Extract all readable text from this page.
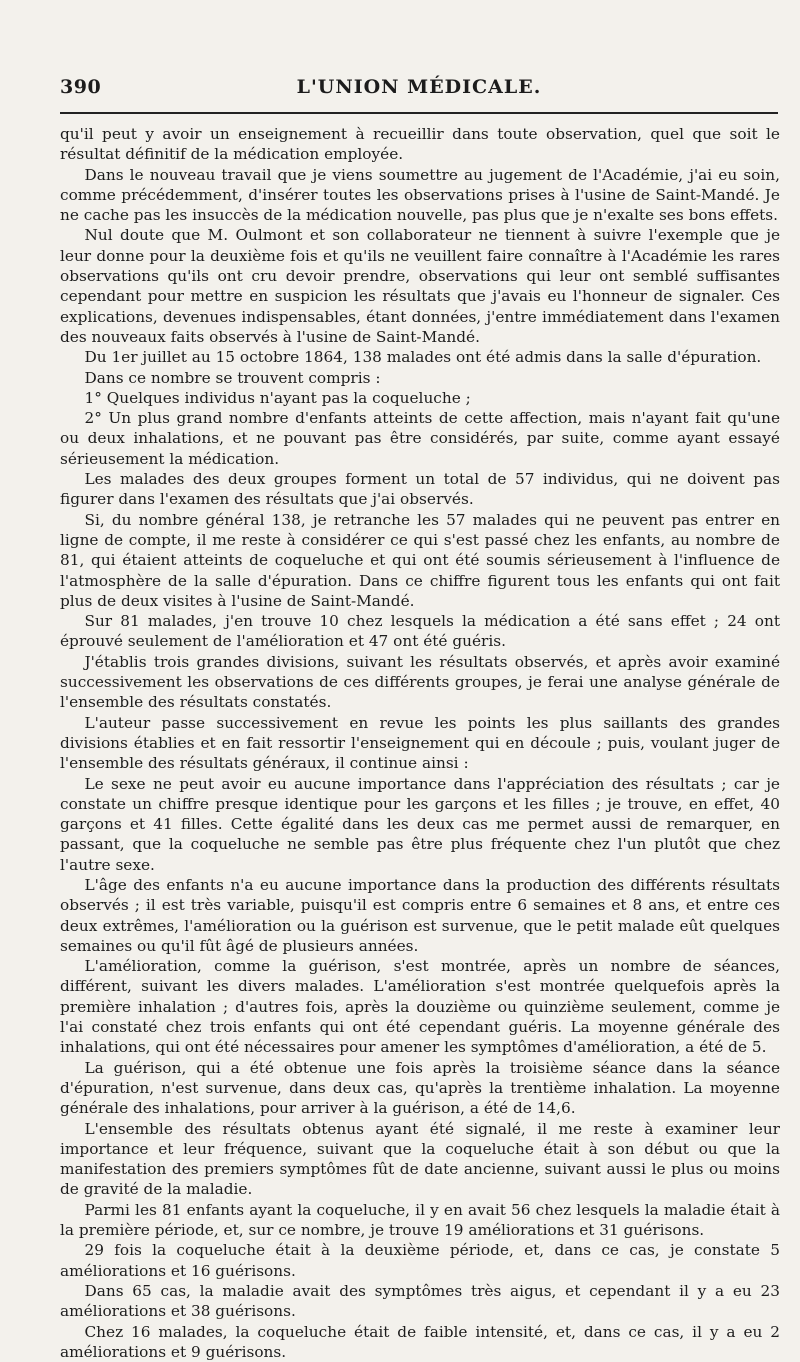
390	L'UNION MÉDICALE.

qu'il peut y avoir un enseignement à recueillir dans toute observation, quel que soit le résultat définitif de la médication employée.

Dans le nouveau travail que je viens soumettre au jugement de l'Académie, j'ai eu soin, comme précédemment, d'insérer toutes les observations prises à l'usine de Saint-Mandé. Je ne cache pas les insuccès de la médication nouvelle, pas plus que je n'exalte ses bons effets.

Nul doute que M. Oulmont et son collaborateur ne tiennent à suivre l'exemple que je leur donne pour la deuxième fois et qu'ils ne veuillent faire connaître à l'Académie les rares observations qu'ils ont cru devoir prendre, observations qui leur ont semblé suffisantes cependant pour mettre en suspicion les résultats que j'avais eu l'honneur de signaler. Ces explications, devenues indispensables, étant données, j'entre immédiatement dans l'examen des nouveaux faits observés à l'usine de Saint-Mandé.

Du 1er juillet au 15 octobre 1864, 138 malades ont été admis dans la salle d'épuration.

Dans ce nombre se trouvent compris :

1° Quelques individus n'ayant pas la coqueluche ;

2° Un plus grand nombre d'enfants atteints de cette affection, mais n'ayant fait qu'une ou deux inhalations, et ne pouvant pas être considérés, par suite, comme ayant essayé sérieusement la médication.

Les malades des deux groupes forment un total de 57 individus, qui ne doivent pas figurer dans l'examen des résultats que j'ai observés.

Si, du nombre général 138, je retranche les 57 malades qui ne peuvent pas entrer en ligne de compte, il me reste à considérer ce qui s'est passé chez les enfants, au nombre de 81, qui étaient atteints de coqueluche et qui ont été soumis sérieusement à l'influence de l'atmosphère de la salle d'épuration. Dans ce chiffre figurent tous les enfants qui ont fait plus de deux visites à l'usine de Saint-Mandé.

Sur 81 malades, j'en trouve 10 chez lesquels la médication a été sans effet ; 24 ont éprouvé seulement de l'amélioration et 47 ont été guéris.

J'établis trois grandes divisions, suivant les résultats observés, et après avoir examiné successivement les observations de ces différents groupes, je ferai une analyse générale de l'ensemble des résultats constatés.

L'auteur passe successivement en revue les points les plus saillants des grandes divisions établies et en fait ressortir l'enseignement qui en découle ; puis, voulant juger de l'ensemble des résultats généraux, il continue ainsi :

Le sexe ne peut avoir eu aucune importance dans l'appréciation des résultats ; car je constate un chiffre presque identique pour les garçons et les filles ; je trouve, en effet, 40 garçons et 41 filles. Cette égalité dans les deux cas me permet aussi de remarquer, en passant, que la coqueluche ne semble pas être plus fréquente chez l'un plutôt que chez l'autre sexe.

L'âge des enfants n'a eu aucune importance dans la production des différents résultats observés ; il est très variable, puisqu'il est compris entre 6 semaines et 8 ans, et entre ces deux extrêmes, l'amélioration ou la guérison est survenue, que le petit malade eût quelques semaines ou qu'il fût âgé de plusieurs années.

L'amélioration, comme la guérison, s'est montrée, après un nombre de séances, différent, suivant les divers malades. L'amélioration s'est montrée quelquefois après la première inhalation ; d'autres fois, après la douzième ou quinzième seulement, comme je l'ai constaté chez trois enfants qui ont été cependant guéris. La moyenne générale des inhalations, qui ont été nécessaires pour amener les symptômes d'amélioration, a été de 5.

La guérison, qui a été obtenue une fois après la troisième séance dans la séance d'épuration, n'est survenue, dans deux cas, qu'après la trentième inhalation. La moyenne générale des inhalations, pour arriver à la guérison, a été de 14,6.

L'ensemble des résultats obtenus ayant été signalé, il me reste à examiner leur importance et leur fréquence, suivant que la coqueluche était à son début ou que la manifestation des premiers symptômes fût de date ancienne, suivant aussi le plus ou moins de gravité de la maladie.

Parmi les 81 enfants ayant la coqueluche, il y en avait 56 chez lesquels la maladie était à la première période, et, sur ce nombre, je trouve 19 améliorations et 31 guérisons.

29 fois la coqueluche était à la deuxième période, et, dans ce cas, je constate 5 améliorations et 16 guérisons.

Dans 65 cas, la maladie avait des symptômes très aigus, et cependant il y a eu 23 améliorations et 38 guérisons.

Chez 16 malades, la coqueluche était de faible intensité, et, dans ce cas, il y a eu 2 améliorations et 9 guérisons.
